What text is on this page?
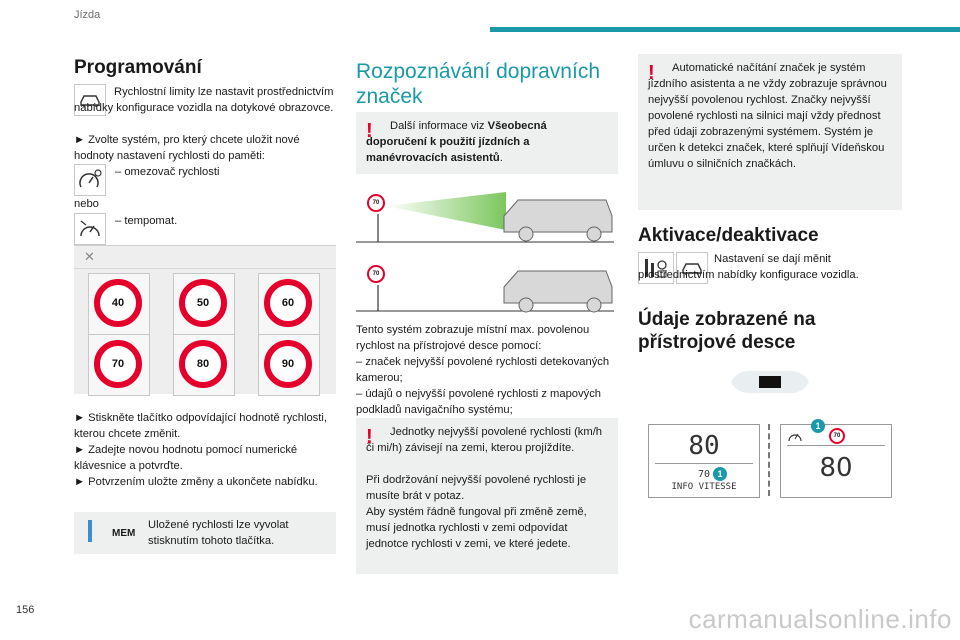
Jízda
Programování
Rychlostní limity lze nastavit prostřednictvím nabídky konfigurace vozidla na dotykové obrazovce.
► Zvolte systém, pro který chcete uložit nové hodnoty nastavení rychlosti do paměti:
– omezovač rychlosti
nebo
– tempomat.
✕
40	50	60
70	80	90
► Stiskněte tlačítko odpovídající hodnotě rychlosti, kterou chcete změnit.
► Zadejte novou hodnotu pomocí numerické klávesnice a potvrďte.
► Potvrzením uložte změny a ukončete nabídku.
MEM
Uložené rychlosti lze vyvolat stisknutím tohoto tlačítka.
Rozpoznávání dopravních značek
!	Další informace viz Všeobecná doporučení k použití jízdních a manévrovacích asistentů.
70
70
Tento systém zobrazuje místní max. povolenou rychlost na přístrojové desce pomocí:
– značek nejvyšší povolené rychlosti detekovaných kamerou;
– údajů o nejvyšší povolené rychlosti z mapových podkladů navigačního systému;
!	Jednotky nejvyšší povolené rychlosti (km/h či mi/h) závisejí na zemi, kterou projíždíte.
Při dodržování nejvyšší povolené rychlosti je musíte brát v potaz.
Aby systém řádně fungoval při změně země, musí jednotka rychlosti v zemi odpovídat jednotce rychlosti v zemi, ve které jedete.
!	Automatické načítání značek je systém jízdního asistenta a ne vždy zobrazuje správnou nejvyšší povolenou rychlost. Značky nejvyšší povolené rychlosti na silnici mají vždy přednost před údaji zobrazenými systémem. Systém je určen k detekci značek, které splňují Vídeňskou úmluvu o silničních značkách.
Aktivace/deaktivace
Nastavení se dají měnit prostřednictvím nabídky konfigurace vozidla.
Údaje zobrazené na přístrojové desce
80
70
INFO VITESSE
1
1
70
80
156	carmanualsonline.info
